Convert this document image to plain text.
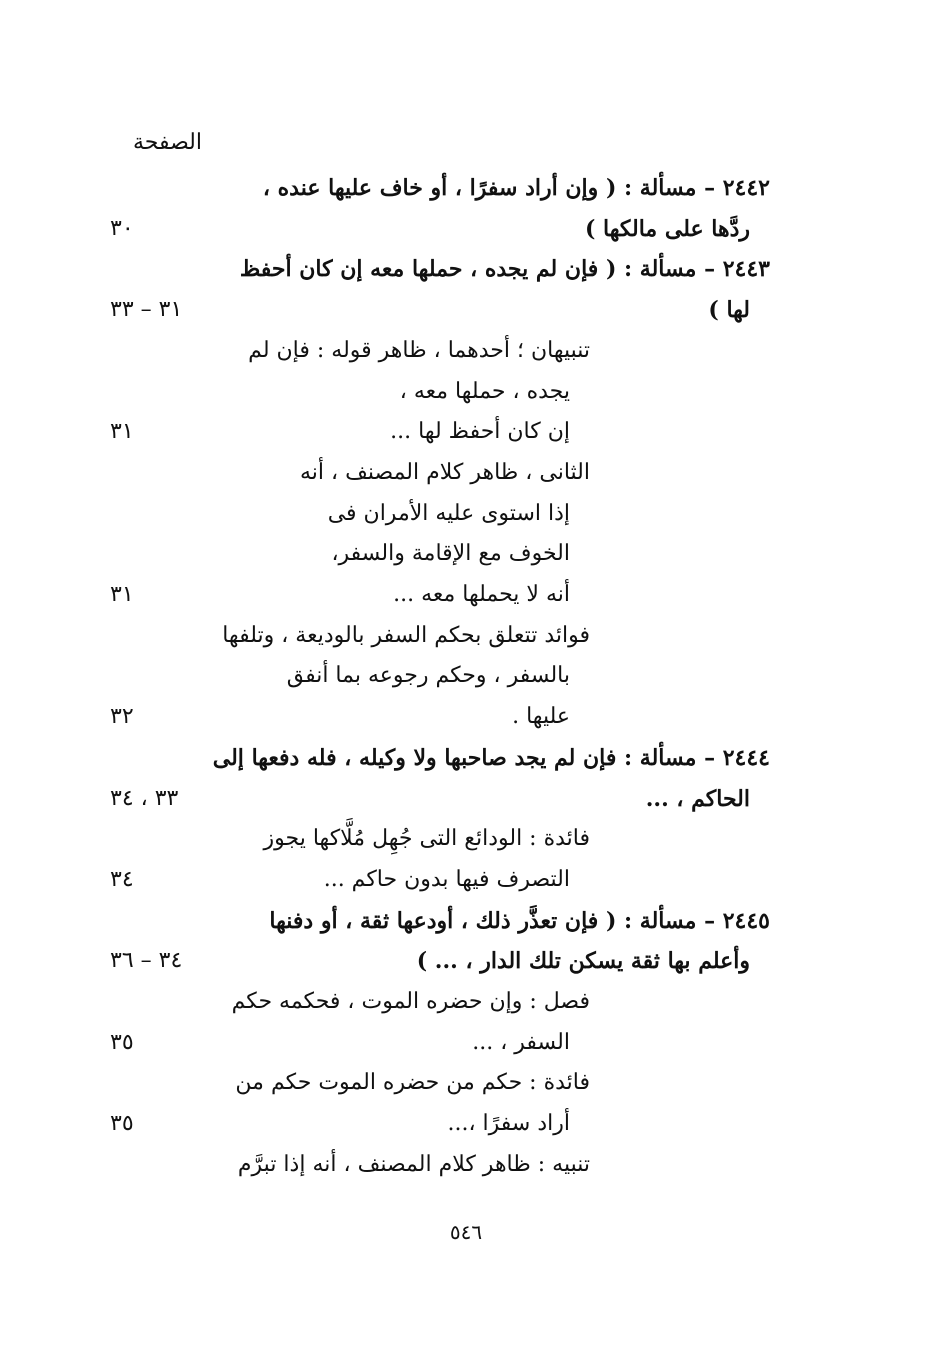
الصفحة
٢٤٤٢ – مسألة : ( وإن أراد سفرًا ، أو خاف عليها عنده ،
ردَّها على مالكها )
٣٠
٢٤٤٣ – مسألة : ( فإن لم يجده ، حملها معه إن كان أحفظ
لها )
٣١ – ٣٣
تنبيهان ؛ أحدهما ، ظاهر قوله : فإن لم
يجده ، حملها معه ،
إن كان أحفظ لها ...
٣١
الثانى ، ظاهر كلام المصنف ، أنه
إذا استوى عليه الأمران فى
الخوف مع الإقامة والسفر،
أنه لا يحملها معه ...
٣١
فوائد تتعلق بحكم السفر بالوديعة ، وتلفها
بالسفر ، وحكم رجوعه بما أنفق
عليها .
٣٢
٢٤٤٤ – مسألة : فإن لم يجد صاحبها ولا وكيله ، فله دفعها إلى
الحاكم ، ...
٣٣ ، ٣٤
فائدة : الودائع التى جُهِل مُلَّاكها يجوز
التصرف فيها بدون حاكم ...
٣٤
٢٤٤٥ – مسألة : ( فإن تعذَّر ذلك ، أودعها ثقة ، أو دفنها
وأعلم بها ثقة يسكن تلك الدار ، ... )
٣٤ – ٣٦
فصل : وإن حضره الموت ، فحكمه حكم
السفر ، ...
٣٥
فائدة : حكم من حضره الموت حكم من
أراد سفرًا ،...
٣٥
تنبيه : ظاهر كلام المصنف ، أنه إذا تبرَّم
٥٤٦
